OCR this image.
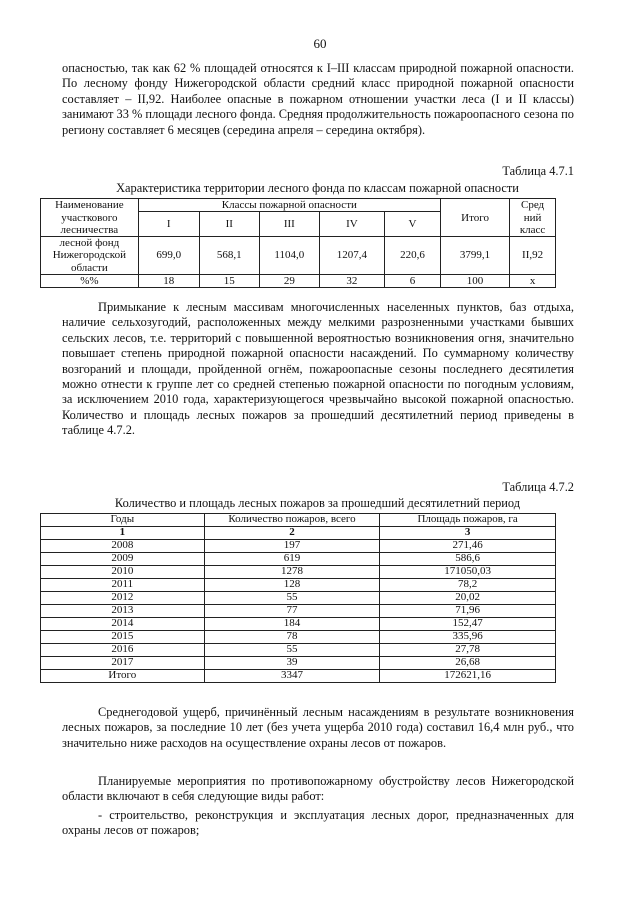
60

опасностью, так как 62 % площадей относятся к I–III классам природной пожарной опасности. По лесному фонду Нижегородской области средний класс природной пожарной опасности составляет – II,92. Наиболее опасные в пожарном отношении участки леса (I и II классы) занимают 33 % площади лесного фонда. Средняя продолжительность пожароопасного сезона по региону составляет 6 месяцев (середина апреля – середина октября).

Таблица 4.7.1
Характеристика территории лесного фонда по классам пожарной опасности
Наименование участкового лесничества	Классы пожарной опасности					Итого	Сред ний класс
	I	II	III	IV	V		
лесной фонд Нижегородской области	699,0	568,1	1104,0	1207,4	220,6	3799,1	II,92
%%	18	15	29	32	6	100	х

Примыкание к лесным массивам многочисленных населенных пунктов, баз отдыха, наличие сельхозугодий, расположенных между мелкими разрозненными участками бывших сельских лесов, т.е. территорий с повышенной вероятностью возникновения огня, значительно повышает степень природной пожарной опасности насаждений. По суммарному количеству возгораний и площади, пройденной огнём, пожароопасные сезоны последнего десятилетия можно отнести к группе лет со средней степенью пожарной опасности по погодным условиям, за исключением 2010 года, характеризующегося чрезвычайно высокой пожарной опасностью. Количество и площадь лесных пожаров за прошедший десятилетний период приведены в таблице 4.7.2.

Таблица 4.7.2
Количество и площадь лесных пожаров за прошедший десятилетний период
Годы	Количество пожаров, всего	Площадь пожаров, га
1	2	3
2008	197	271,46
2009	619	586,6
2010	1278	171050,03
2011	128	78,2
2012	55	20,02
2013	77	71,96
2014	184	152,47
2015	78	335,96
2016	55	27,78
2017	39	26,68
Итого	3347	172621,16

Среднегодовой ущерб, причинённый лесным насаждениям в результате возникновения лесных пожаров, за последние 10 лет (без учета ущерба 2010 года) составил 16,4 млн руб., что значительно ниже расходов на осуществление охраны лесов от пожаров.

Планируемые мероприятия по противопожарному обустройству лесов Нижегородской области включают в себя следующие виды работ:

- строительство, реконструкция и эксплуатация лесных дорог, предназначенных для охраны лесов от пожаров;
